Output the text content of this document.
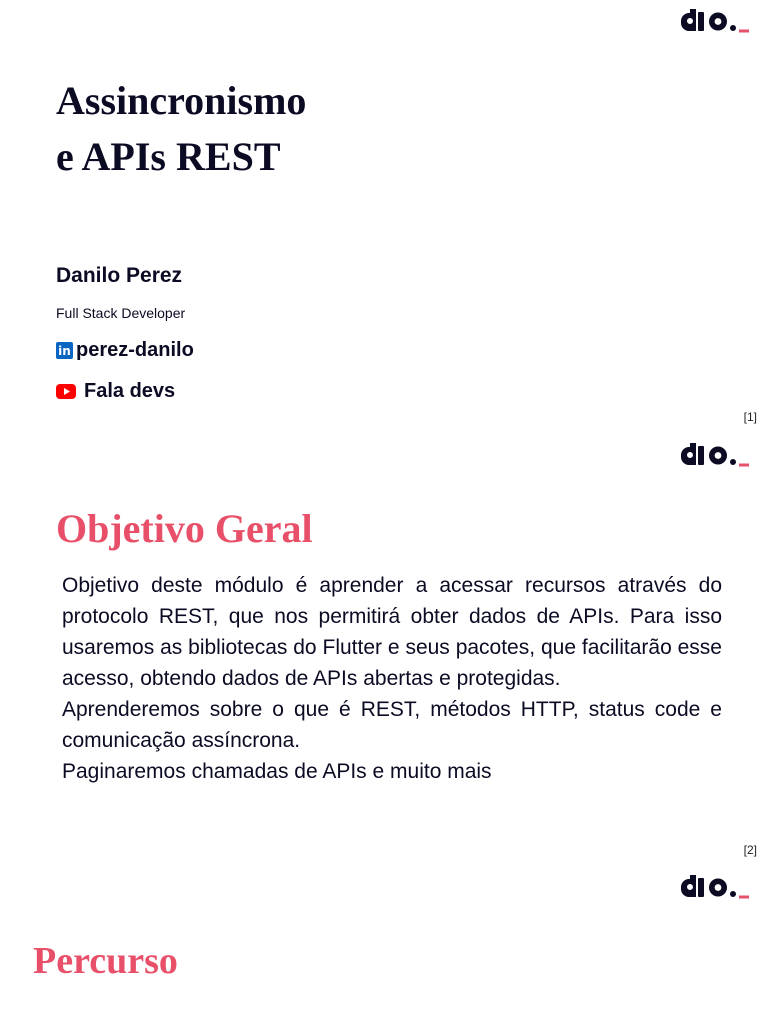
Assincronismo
e APIs REST
Danilo Perez
Full Stack Developer
in perez-danilo
Fala devs
[1]
Objetivo Geral

Objetivo deste módulo é aprender a acessar recursos através do protocolo REST, que nos permitirá obter dados de APIs. Para isso usaremos as bibliotecas do Flutter e seus pacotes, que facilitarão esse acesso, obtendo dados de APIs abertas e protegidas.

Aprenderemos sobre o que é REST, métodos HTTP, status code e comunicação assíncrona.

Paginaremos chamadas de APIs e muito mais

[2]
Percurso
